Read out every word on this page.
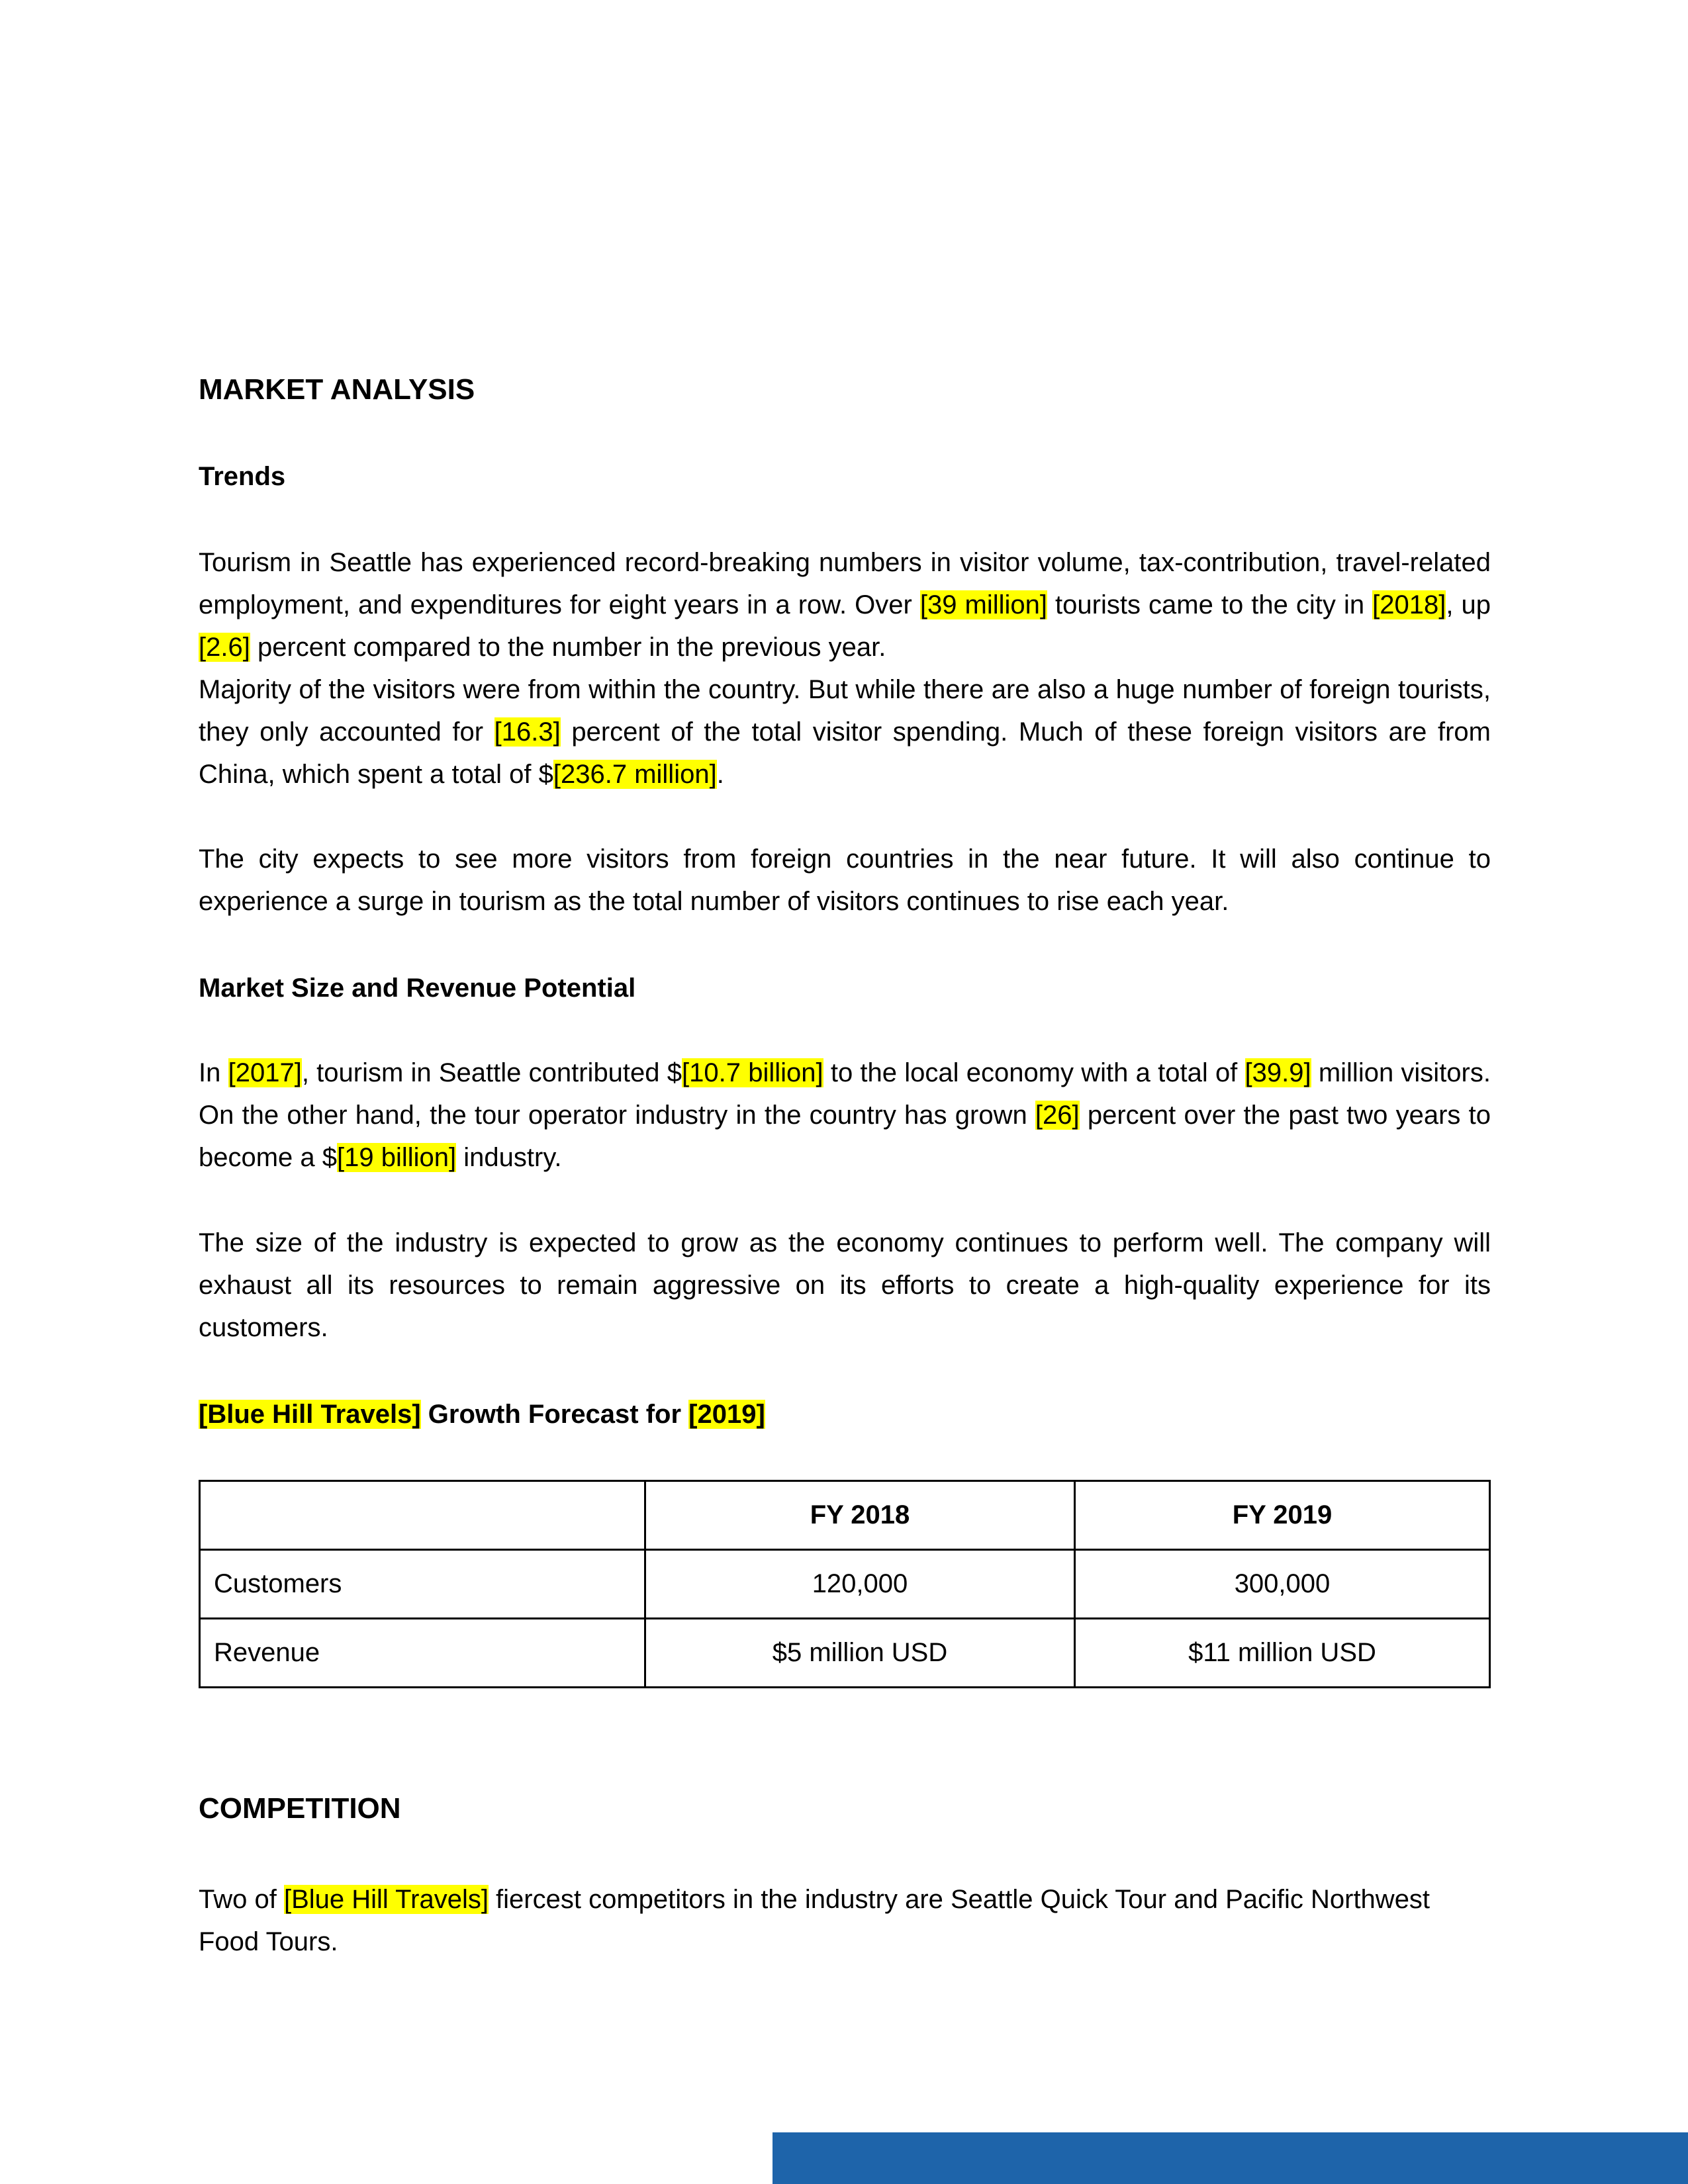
MARKET ANALYSIS
Trends
Tourism in Seattle has experienced record-breaking numbers in visitor volume, tax-contribution, travel-related employment, and expenditures for eight years in a row. Over [39 million] tourists came to the city in [2018], up [2.6] percent compared to the number in the previous year.
Majority of the visitors were from within the country. But while there are also a huge number of foreign tourists, they only accounted for [16.3] percent of the total visitor spending. Much of these foreign visitors are from China, which spent a total of $[236.7 million].
The city expects to see more visitors from foreign countries in the near future. It will also continue to experience a surge in tourism as the total number of visitors continues to rise each year.
Market Size and Revenue Potential
In [2017], tourism in Seattle contributed $[10.7 billion] to the local economy with a total of [39.9] million visitors. On the other hand, the tour operator industry in the country has grown [26] percent over the past two years to become a $[19 billion] industry.
The size of the industry is expected to grow as the economy continues to perform well. The company will exhaust all its resources to remain aggressive on its efforts to create a high-quality experience for its customers.
[Blue Hill Travels] Growth Forecast for [2019]
	FY 2018	FY 2019
Customers	120,000	300,000
Revenue	$5 million USD	$11 million USD
COMPETITION
Two of [Blue Hill Travels] fiercest competitors in the industry are Seattle Quick Tour and Pacific Northwest Food Tours.
